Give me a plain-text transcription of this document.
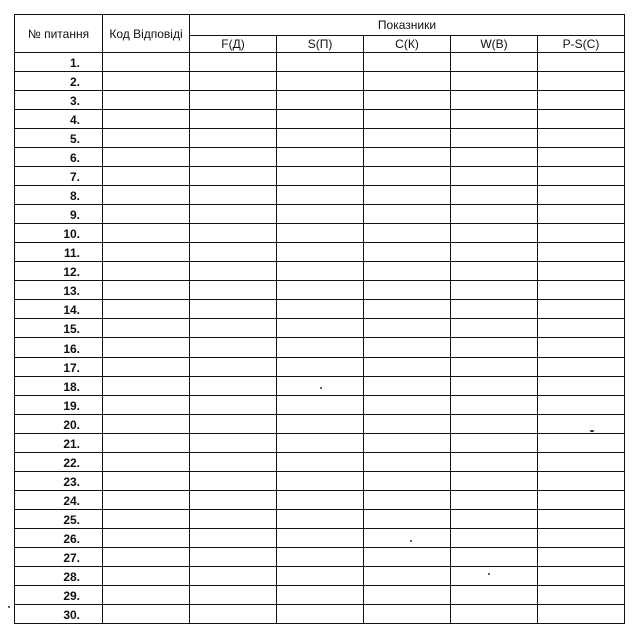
№ питання	Код Відповіді	Показники				
		F(Д)	S(П)	С(К)	W(В)	P-S(C)
1.						
2.						
3.						
4.						
5.						
6.						
7.						
8.						
9.						
10.						
11.						
12.						
13.						
14.						
15.						
16.						
17.						
18.						
19.						
20.						
21.						
22.						
23.						
24.						
25.						
26.						
27.						
28.						
29.						
30.						
